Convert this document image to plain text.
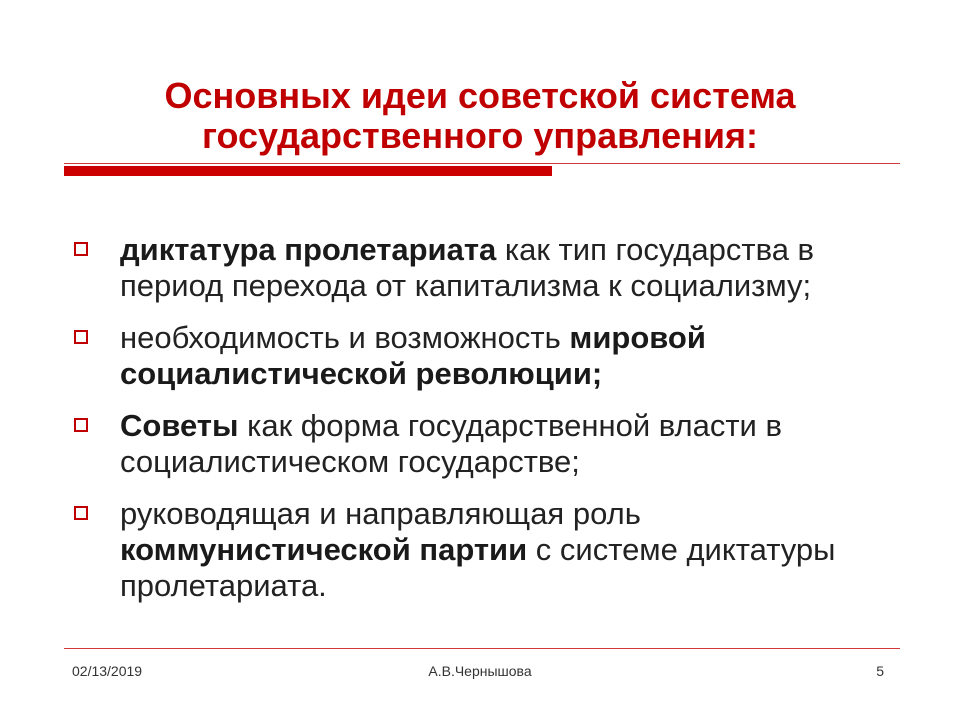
Основных идеи советской система государственного управления:
диктатура пролетариата как тип государства в период перехода от капитализма к социализму;
необходимость и возможность мировой социалистической революции;
Советы как форма государственной власти в социалистическом государстве;
руководящая и направляющая роль коммунистической партии с системе диктатуры пролетариата.
02/13/2019	А.В.Чернышова	5
